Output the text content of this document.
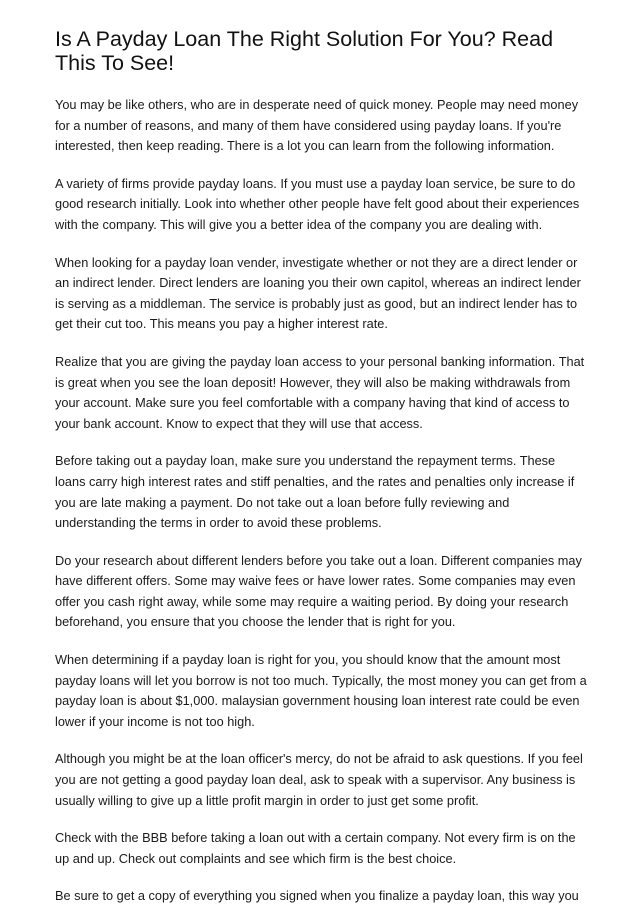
Is A Payday Loan The Right Solution For You? Read This To See!

You may be like others, who are in desperate need of quick money. People may need money for a number of reasons, and many of them have considered using payday loans. If you're interested, then keep reading. There is a lot you can learn from the following information.

A variety of firms provide payday loans. If you must use a payday loan service, be sure to do good research initially. Look into whether other people have felt good about their experiences with the company. This will give you a better idea of the company you are dealing with.

When looking for a payday loan vender, investigate whether or not they are a direct lender or an indirect lender. Direct lenders are loaning you their own capitol, whereas an indirect lender is serving as a middleman. The service is probably just as good, but an indirect lender has to get their cut too. This means you pay a higher interest rate.

Realize that you are giving the payday loan access to your personal banking information. That is great when you see the loan deposit! However, they will also be making withdrawals from your account. Make sure you feel comfortable with a company having that kind of access to your bank account. Know to expect that they will use that access.

Before taking out a payday loan, make sure you understand the repayment terms. These loans carry high interest rates and stiff penalties, and the rates and penalties only increase if you are late making a payment. Do not take out a loan before fully reviewing and understanding the terms in order to avoid these problems.

Do your research about different lenders before you take out a loan. Different companies may have different offers. Some may waive fees or have lower rates. Some companies may even offer you cash right away, while some may require a waiting period. By doing your research beforehand, you ensure that you choose the lender that is right for you.

When determining if a payday loan is right for you, you should know that the amount most payday loans will let you borrow is not too much. Typically, the most money you can get from a payday loan is about $1,000. malaysian government housing loan interest rate could be even lower if your income is not too high.

Although you might be at the loan officer's mercy, do not be afraid to ask questions. If you feel you are not getting a good payday loan deal, ask to speak with a supervisor. Any business is usually willing to give up a little profit margin in order to just get some profit.

Check with the BBB before taking a loan out with a certain company. Not every firm is on the up and up. Check out complaints and see which firm is the best choice.

Be sure to get a copy of everything you signed when you finalize a payday loan, this way you
